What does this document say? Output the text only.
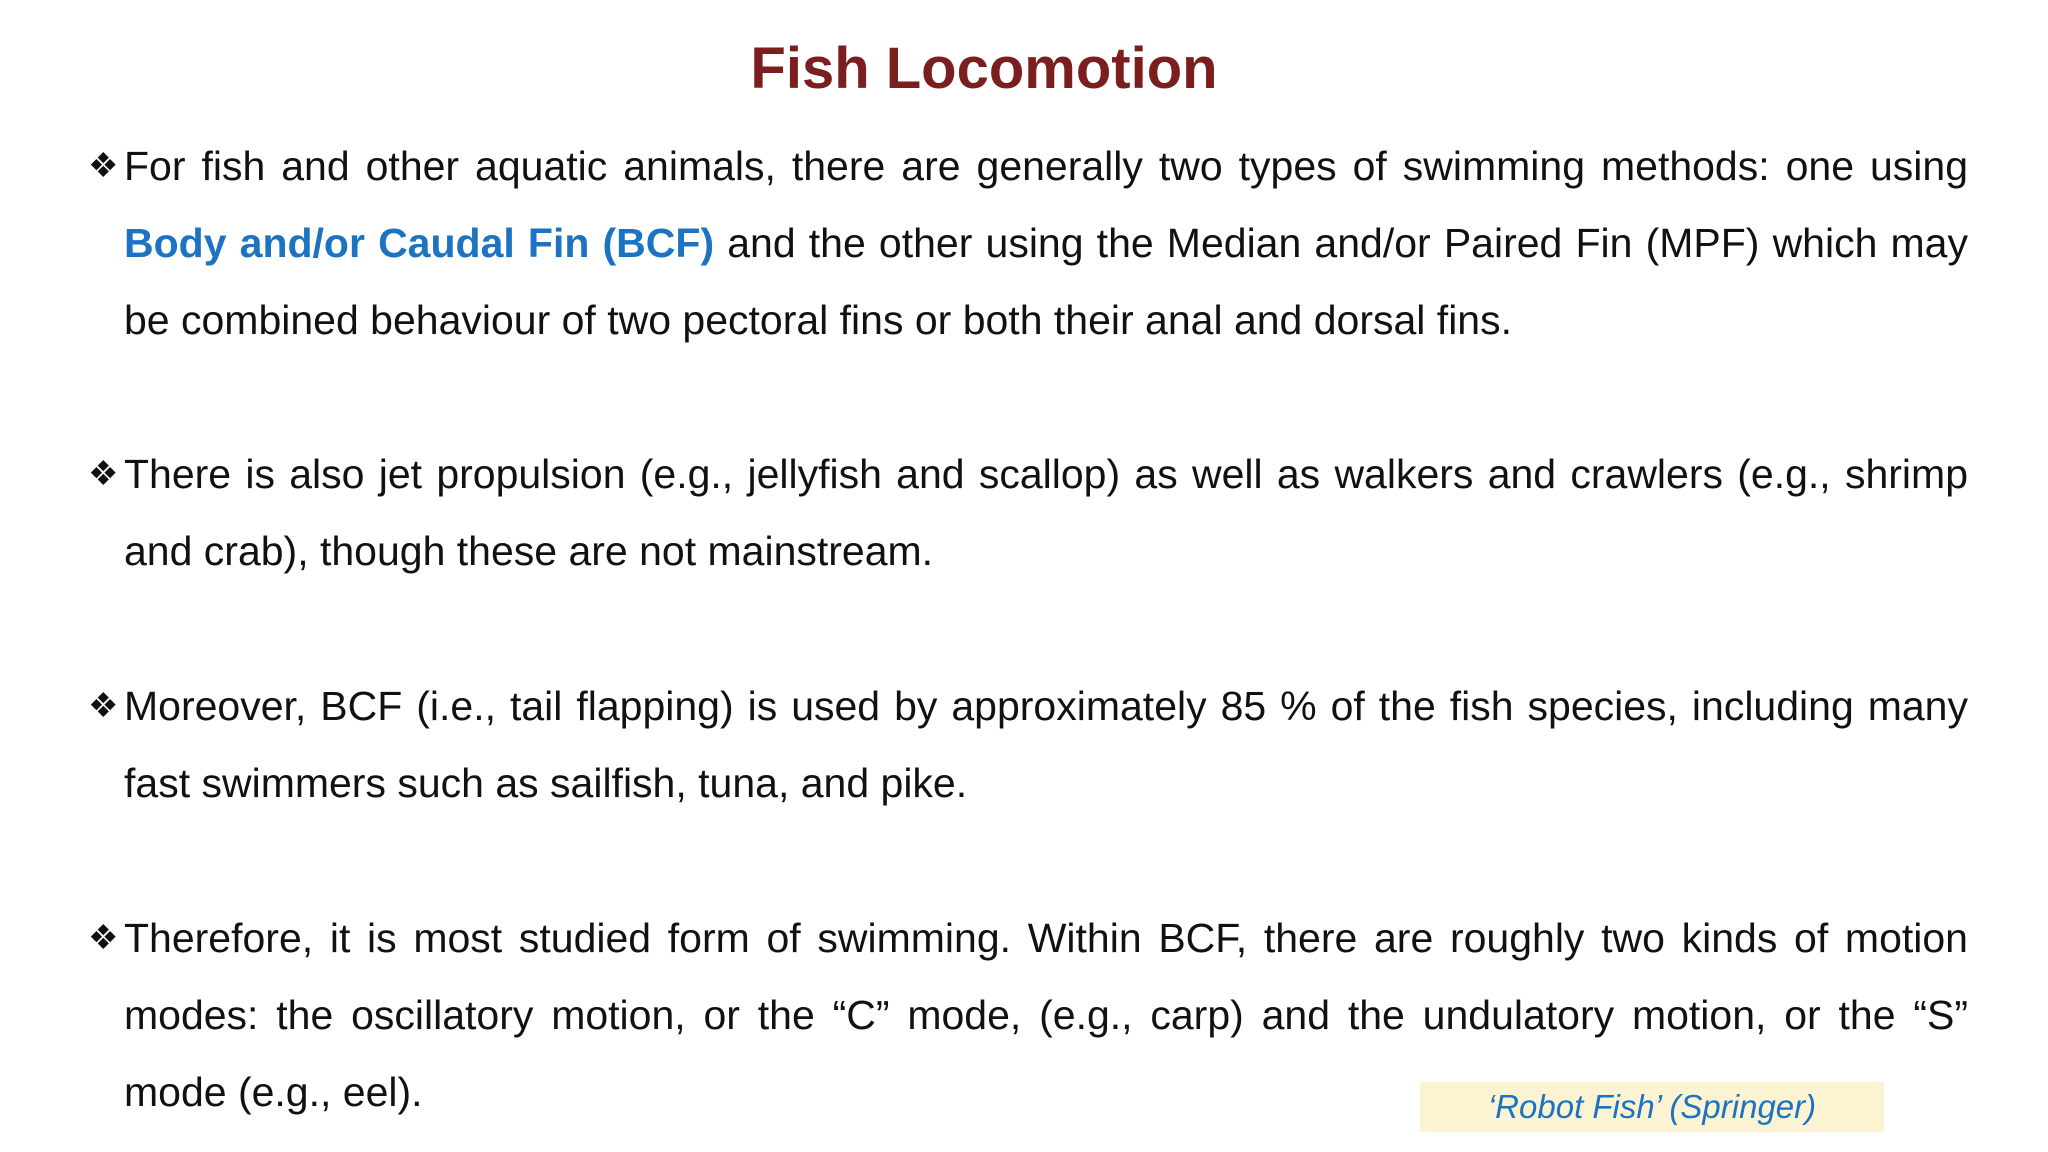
Fish Locomotion
❖ For fish and other aquatic animals, there are generally two types of swimming methods: one using Body and/or Caudal Fin (BCF) and the other using the Median and/or Paired Fin (MPF) which may be combined behaviour of two pectoral fins or both their anal and dorsal fins.
❖ There is also jet propulsion (e.g., jellyfish and scallop) as well as walkers and crawlers (e.g., shrimp and crab), though these are not mainstream.
❖ Moreover, BCF (i.e., tail flapping) is used by approximately 85 % of the fish species, including many fast swimmers such as sailfish, tuna, and pike.
❖ Therefore, it is most studied form of swimming. Within BCF, there are roughly two kinds of motion modes: the oscillatory motion, or the “C” mode, (e.g., carp) and the undulatory motion, or the “S” mode (e.g., eel).	‘Robot Fish’ (Springer)
